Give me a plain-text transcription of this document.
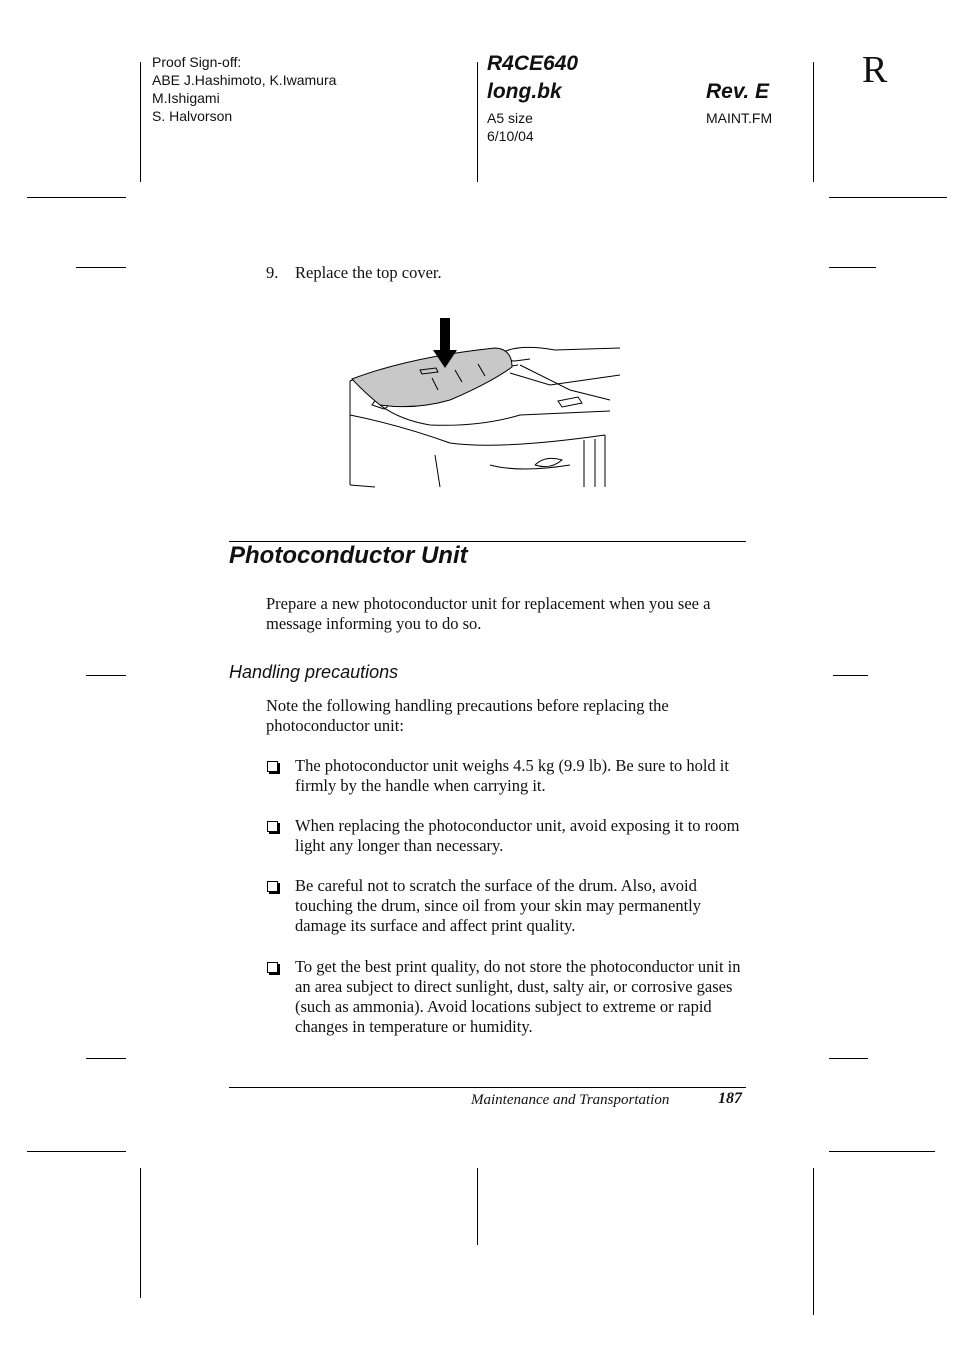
Proof Sign-off:
ABE J.Hashimoto, K.Iwamura
M.Ishigami
S. Halvorson
R4CE640
long.bk
A5 size
6/10/04
Rev. E
MAINT.FM
R
9. Replace the top cover.
Photoconductor Unit
Prepare a new photoconductor unit for replacement when you see a message informing you to do so.
Handling precautions
Note the following handling precautions before replacing the photoconductor unit:
The photoconductor unit weighs 4.5 kg (9.9 lb). Be sure to hold it firmly by the handle when carrying it.
When replacing the photoconductor unit, avoid exposing it to room light any longer than necessary.
Be careful not to scratch the surface of the drum. Also, avoid touching the drum, since oil from your skin may permanently damage its surface and affect print quality.
To get the best print quality, do not store the photoconductor unit in an area subject to direct sunlight, dust, salty air, or corrosive gases (such as ammonia). Avoid locations subject to extreme or rapid changes in temperature or humidity.
Maintenance and Transportation	187
